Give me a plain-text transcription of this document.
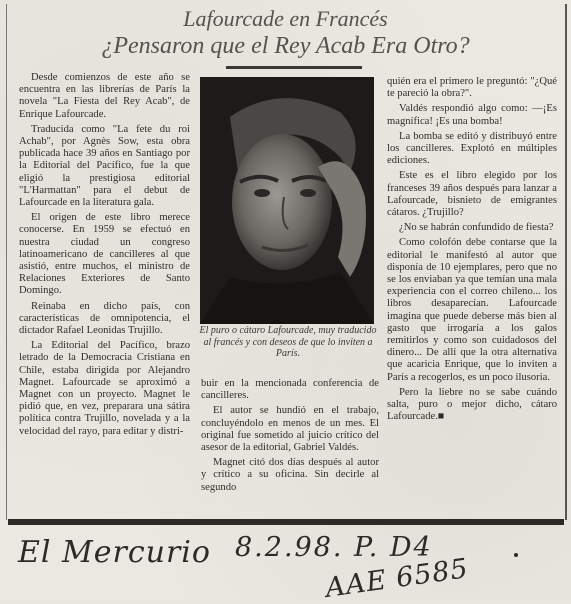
Lafourcade en Francés
¿Pensaron que el Rey Acab Era Otro?

Desde comienzos de este año se encuentra en las librerías de París la novela "La Fiesta del Rey Acab", de Enrique Lafourcade.

Traducida como "La fete du roi Achab", por Agnès Sow, esta obra publicada hace 39 años en Santiago por la Editorial del Pacífico, fue la que eligió la prestigiosa editorial "L'Harmattan" para el debut de Lafourcade en la literatura gala.

El origen de este libro merece conocerse. En 1959 se efectuó en nuestra ciudad un congreso latinoamericano de cancilleres al que asistió, entre muchos, el ministro de Relaciones Exteriores de Santo Domingo.

Reinaba en dicho país, con características de omnipotencia, el dictador Rafael Leonidas Trujillo.

La Editorial del Pacífico, brazo letrado de la Democracia Cristiana en Chile, estaba dirigida por Alejandro Magnet. Lafourcade se aproximó a Magnet con un proyecto. Magnet le pidió que, en vez, preparara una sátira política contra Trujillo, novelada y a la velocidad del rayo, para editar y distri-

El puro o cátaro Lafourcade, muy traducido al francés y con deseos de que lo inviten a París.

buir en la mencionada conferencia de cancilleres.

El autor se hundió en el trabajo, concluyéndolo en menos de un mes. El original fue sometido al juicio crítico del asesor de la editorial, Gabriel Valdés.

Magnet citó dos días después al autor y crítico a su oficina. Sin decirle al segundo

quién era el primero le preguntó: "¿Qué te pareció la obra?".

Valdés respondió algo como: —¡Es magnífica! ¡Es una bomba!

La bomba se editó y distribuyó entre los cancilleres. Explotó en múltiples ediciones.

Este es el libro elegido por los franceses 39 años después para lanzar a Lafourcade, bisnieto de emigrantes cátaros. ¿Trujillo?

¿No se habrán confundido de fiesta?

Como colofón debe contarse que la editorial le manifestó al autor que disponía de 10 ejemplares, pero que no se los enviaban ya que temían una mala experiencia con el correo chileno... los libros desaparecían. Lafourcade imagina que puede deberse más bien al gasto que irrogaría a los galos remitirlos y como son cuidadosos del dinero... De allí que la otra alternativa que acaricia Enrique, que lo inviten a París a recogerlos, es un poco ilusoria.

Pero la liebre no se sabe cuándo salta, puro o mejor dicho, cátaro Lafourcade.■

El Mercurio 8.2.98. P. D4
AAE 6585
